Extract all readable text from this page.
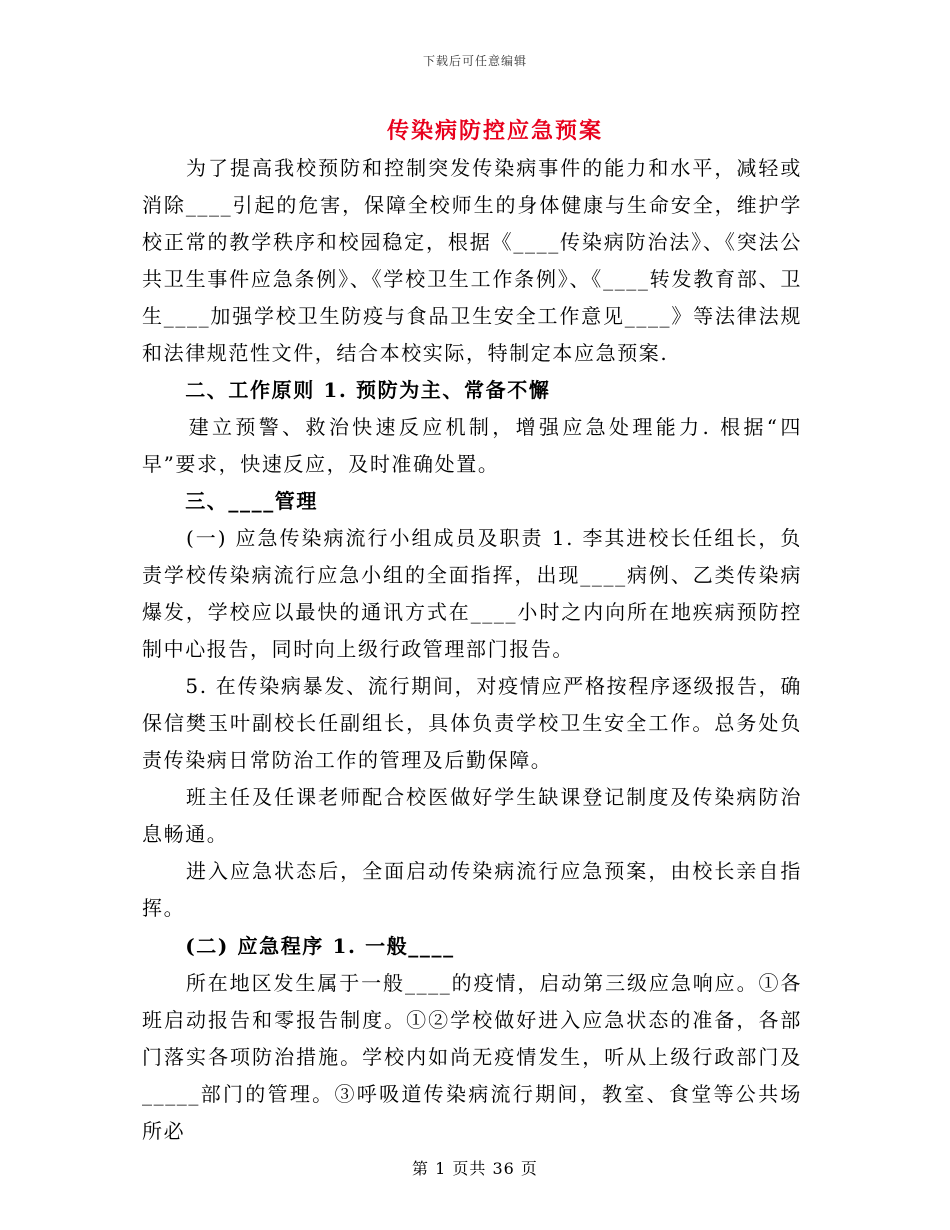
下载后可任意编辑
传染病防控应急预案
　　为了提高我校预防和控制突发传染病事件的能力和水平，减轻或消除____引起的危害，保障全校师生的身体健康与生命安全，维护学校正常的教学秩序和校园稳定，根据《____传染病防治法》、《突法公共卫生事件应急条例》、《学校卫生工作条例》、《____转发教育部、卫生____加强学校卫生防疫与食品卫生安全工作意见____》等法律法规和法律规范性文件，结合本校实际，特制定本应急预案.
　　二、工作原则 1. 预防为主、常备不懈
　　建立预警、救治快速反应机制，增强应急处理能力. 根据“四早”要求，快速反应，及时准确处置。
　　三、____管理
　　(一) 应急传染病流行小组成员及职责 1. 李其进校长任组长，负责学校传染病流行应急小组的全面指挥，出现____病例、乙类传染病爆发，学校应以最快的通讯方式在____小时之内向所在地疾病预防控制中心报告，同时向上级行政管理部门报告。
　　5. 在传染病暴发、流行期间，对疫情应严格按程序逐级报告，确保信樊玉叶副校长任副组长，具体负责学校卫生安全工作。总务处负责传染病日常防治工作的管理及后勤保障。
　　班主任及任课老师配合校医做好学生缺课登记制度及传染病防治息畅通。
　　进入应急状态后，全面启动传染病流行应急预案，由校长亲自指挥。
　　(二) 应急程序 1. 一般____
　　所在地区发生属于一般____的疫情，启动第三级应急响应。①各班启动报告和零报告制度。①②学校做好进入应急状态的准备，各部门落实各项防治措施。学校内如尚无疫情发生，听从上级行政部门及_____部门的管理。③呼吸道传染病流行期间，教室、食堂等公共场所必
第 1 页共 36 页
